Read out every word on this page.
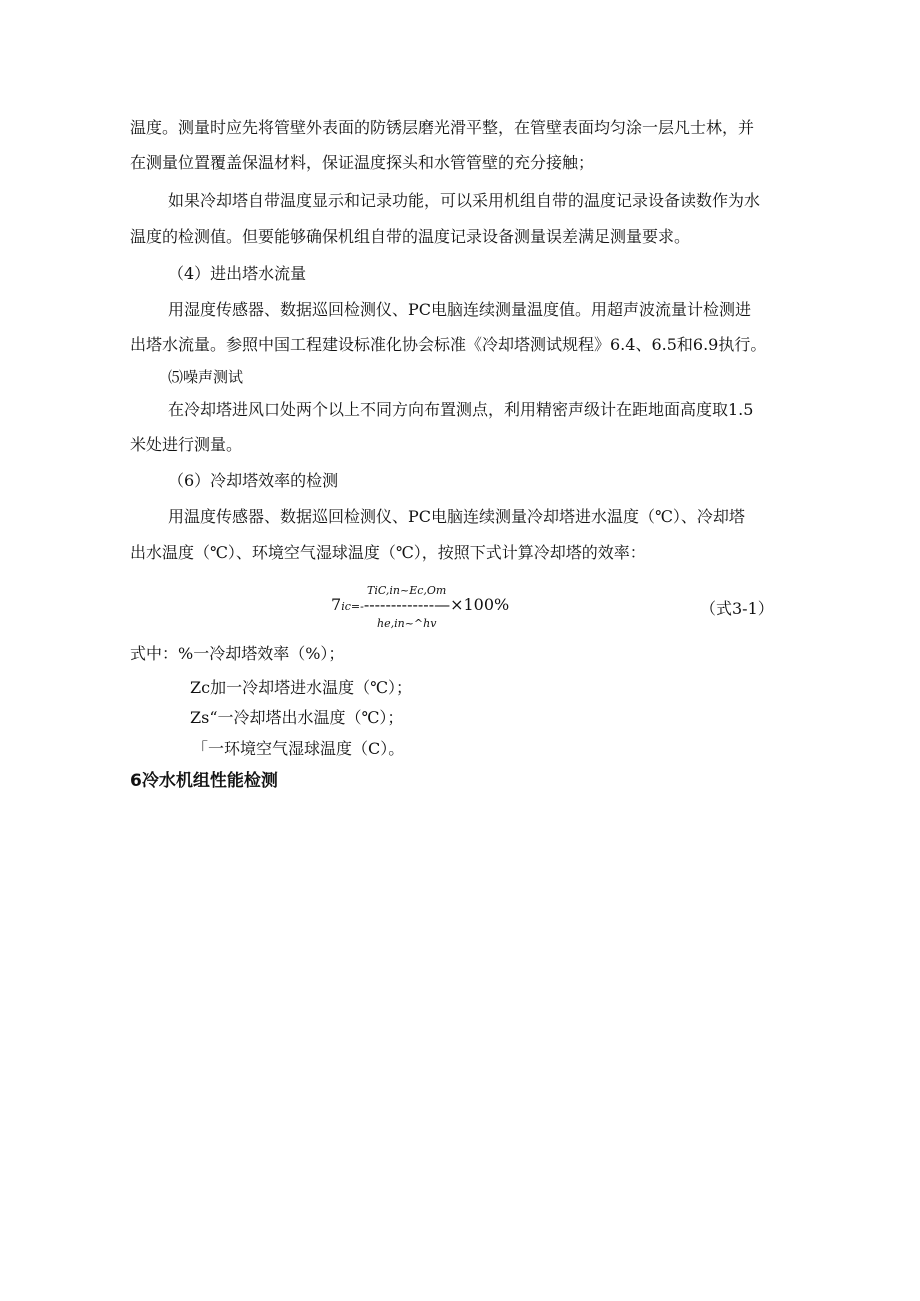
温度。测量时应先将管壁外表面的防锈层磨光滑平整，在管壁表面均匀涂一层凡士林，并
在测量位置覆盖保温材料，保证温度探头和水管管壁的充分接触；
如果冷却塔自带温度显示和记录功能，可以采用机组自带的温度记录设备读数作为水
温度的检测值。但要能够确保机组自带的温度记录设备测量误差满足测量要求。
（4）进出塔水流量
用湿度传感器、数据巡回检测仪、PC电脑连续测量温度值。用超声波流量计检测进
出塔水流量。参照中国工程建设标准化协会标准《冷却塔测试规程》6.4、6.5和6.9执行。
⑸噪声测试
在冷却塔进风口处两个以上不同方向布置测点，利用精密声级计在距地面高度取1.5
米处进行测量。
（6）冷却塔效率的检测
用温度传感器、数据巡回检测仪、PC电脑连续测量冷却塔进水温度（℃）、冷却塔
出水温度（℃）、环境空气湿球温度（℃），按照下式计算冷却塔的效率：
TiC,in~Ec,Om
7ic=--------------—×100%
he,in~^hv
（式3-1）
式中：%一冷却塔效率（%）；
Zc加一冷却塔进水温度（℃）；
Zs“一冷却塔出水温度（℃）；
「一环境空气湿球温度（C）。
6冷水机组性能检测
